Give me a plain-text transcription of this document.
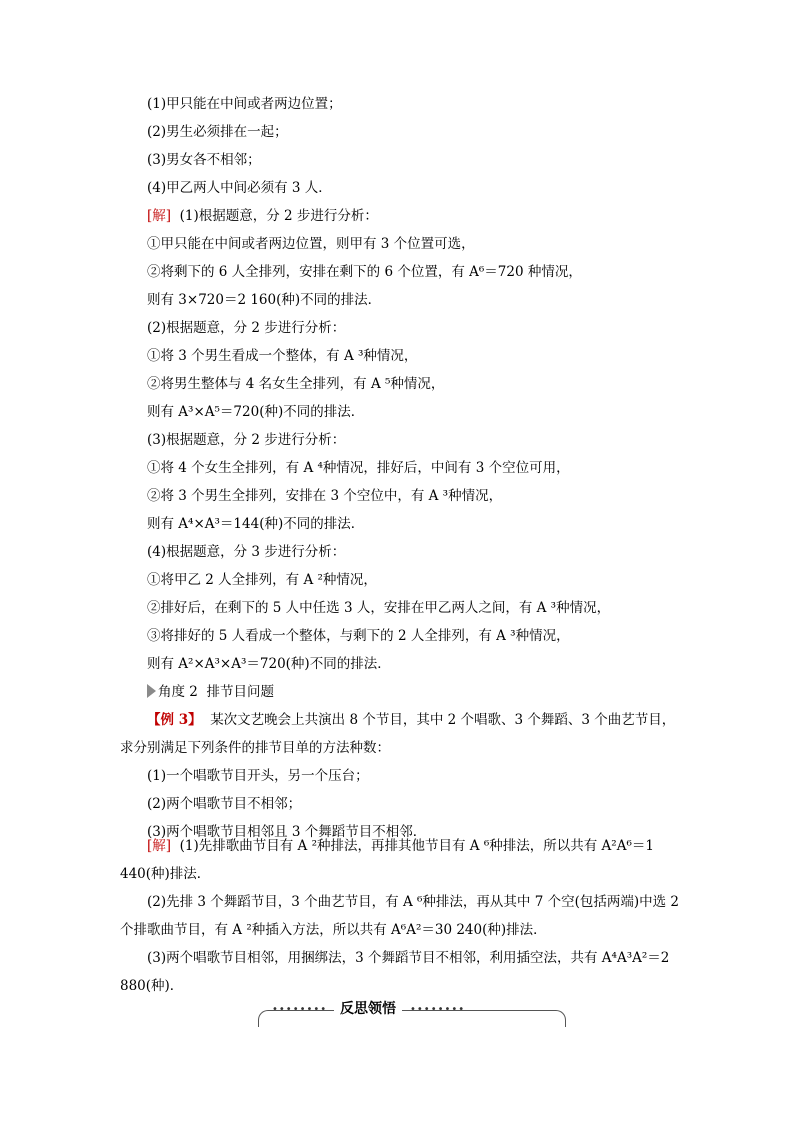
(1)甲只能在中间或者两边位置；
(2)男生必须排在一起；
(3)男女各不相邻；
(4)甲乙两人中间必须有 3 人．
[解] (1)根据题意，分 2 步进行分析：
①甲只能在中间或者两边位置，则甲有 3 个位置可选，
②将剩下的 6 人全排列，安排在剩下的 6 个位置，有 A⁶＝720 种情况，
则有 3×720＝2 160(种)不同的排法．
(2)根据题意，分 2 步进行分析：
①将 3 个男生看成一个整体，有 A ³种情况，
②将男生整体与 4 名女生全排列，有 A ⁵种情况，
则有 A³×A⁵＝720(种)不同的排法．
(3)根据题意，分 2 步进行分析：
①将 4 个女生全排列，有 A ⁴种情况，排好后，中间有 3 个空位可用，
②将 3 个男生全排列，安排在 3 个空位中，有 A ³种情况，
则有 A⁴×A³＝144(种)不同的排法．
(4)根据题意，分 3 步进行分析：
①将甲乙 2 人全排列，有 A ²种情况，
②排好后，在剩下的 5 人中任选 3 人，安排在甲乙两人之间，有 A ³种情况，
③将排好的 5 人看成一个整体，与剩下的 2 人全排列，有 A ³种情况，
则有 A²×A³×A³＝720(种)不同的排法．
角度 2 排节目问题
【例 3】 某次文艺晚会上共演出 8 个节目，其中 2 个唱歌、3 个舞蹈、3 个曲艺节目，
求分别满足下列条件的排节目单的方法种数：
(1)一个唱歌节目开头，另一个压台；
(2)两个唱歌节目不相邻；
(3)两个唱歌节目相邻且 3 个舞蹈节目不相邻．
[解] (1)先排歌曲节目有 A ²种排法，再排其他节目有 A ⁶种排法，所以共有 A²A⁶＝1
440(种)排法．
(2)先排 3 个舞蹈节目，3 个曲艺节目，有 A ⁶种排法，再从其中 7 个空(包括两端)中选 2
个排歌曲节目，有 A ²种插入方法，所以共有 A⁶A²＝30 240(种)排法．
(3)两个唱歌节目相邻，用捆绑法，3 个舞蹈节目不相邻，利用插空法，共有 A⁴A³A²＝2
880(种)．
•••••••• 反思领悟	••••••••
